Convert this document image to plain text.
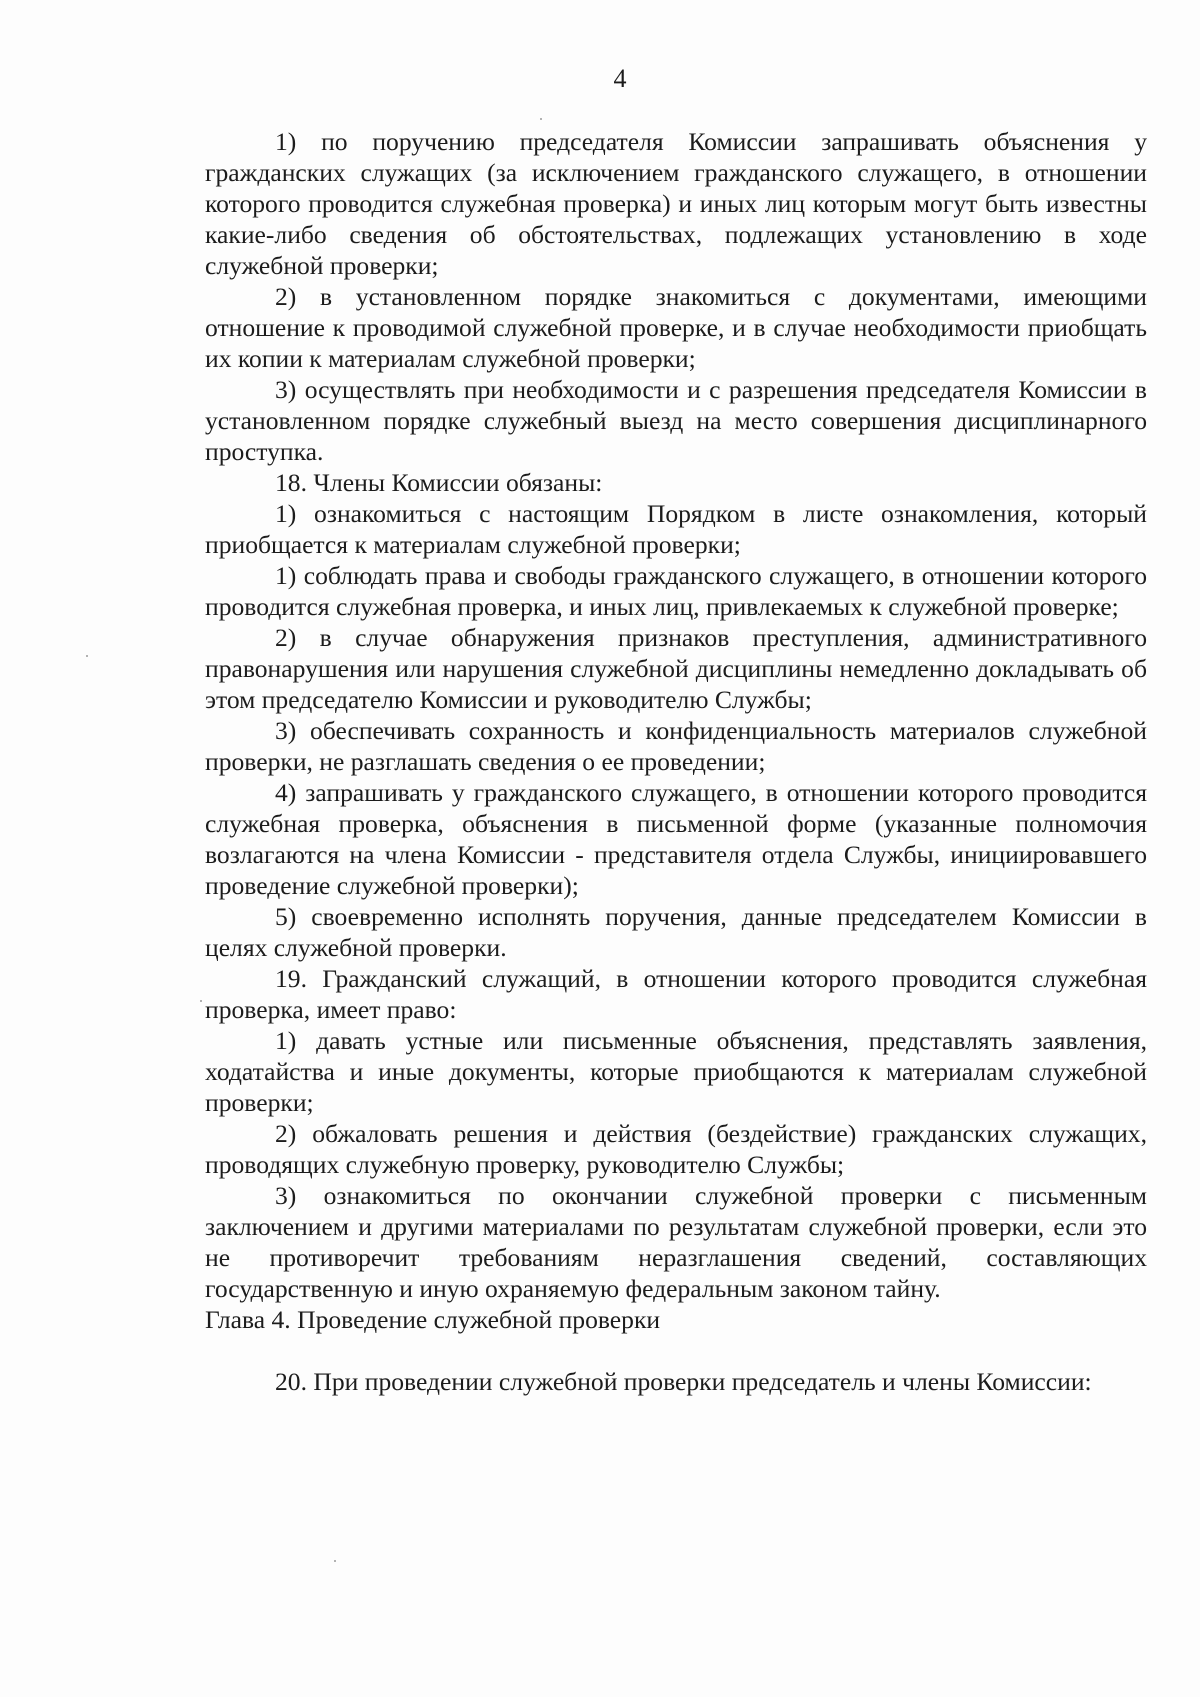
4

1) по поручению председателя Комиссии запрашивать объяснения у гражданских служащих (за исключением гражданского служащего, в отношении которого проводится служебная проверка) и иных лиц которым могут быть известны какие-либо сведения об обстоятельствах, подлежащих установлению в ходе служебной проверки;

2) в установленном порядке знакомиться с документами, имеющими отношение к проводимой служебной проверке, и в случае необходимости приобщать их копии к материалам служебной проверки;

3) осуществлять при необходимости и с разрешения председателя Комиссии в установленном порядке служебный выезд на место совершения дисциплинарного проступка.

18. Члены Комиссии обязаны:

1) ознакомиться с настоящим Порядком в листе ознакомления, который приобщается к материалам служебной проверки;

1) соблюдать права и свободы гражданского служащего, в отношении которого проводится служебная проверка, и иных лиц, привлекаемых к служебной проверке;

2) в случае обнаружения признаков преступления, административного правонарушения или нарушения служебной дисциплины немедленно докладывать об этом председателю Комиссии и руководителю Службы;

3) обеспечивать сохранность и конфиденциальность материалов служебной проверки, не разглашать сведения о ее проведении;

4) запрашивать у гражданского служащего, в отношении которого проводится служебная проверка, объяснения в письменной форме (указанные полномочия возлагаются на члена Комиссии - представителя отдела Службы, инициировавшего проведение служебной проверки);

5) своевременно исполнять поручения, данные председателем Комиссии в целях служебной проверки.

19. Гражданский служащий, в отношении которого проводится служебная проверка, имеет право:

1) давать устные или письменные объяснения, представлять заявления, ходатайства и иные документы, которые приобщаются к материалам служебной проверки;

2) обжаловать решения и действия (бездействие) гражданских служащих, проводящих служебную проверку, руководителю Службы;

3) ознакомиться по окончании служебной проверки с письменным заключением и другими материалами по результатам служебной проверки, если это не противоречит требованиям неразглашения сведений, составляющих государственную и иную охраняемую федеральным законом тайну.

Глава 4. Проведение служебной проверки

20. При проведении служебной проверки председатель и члены Комиссии:
